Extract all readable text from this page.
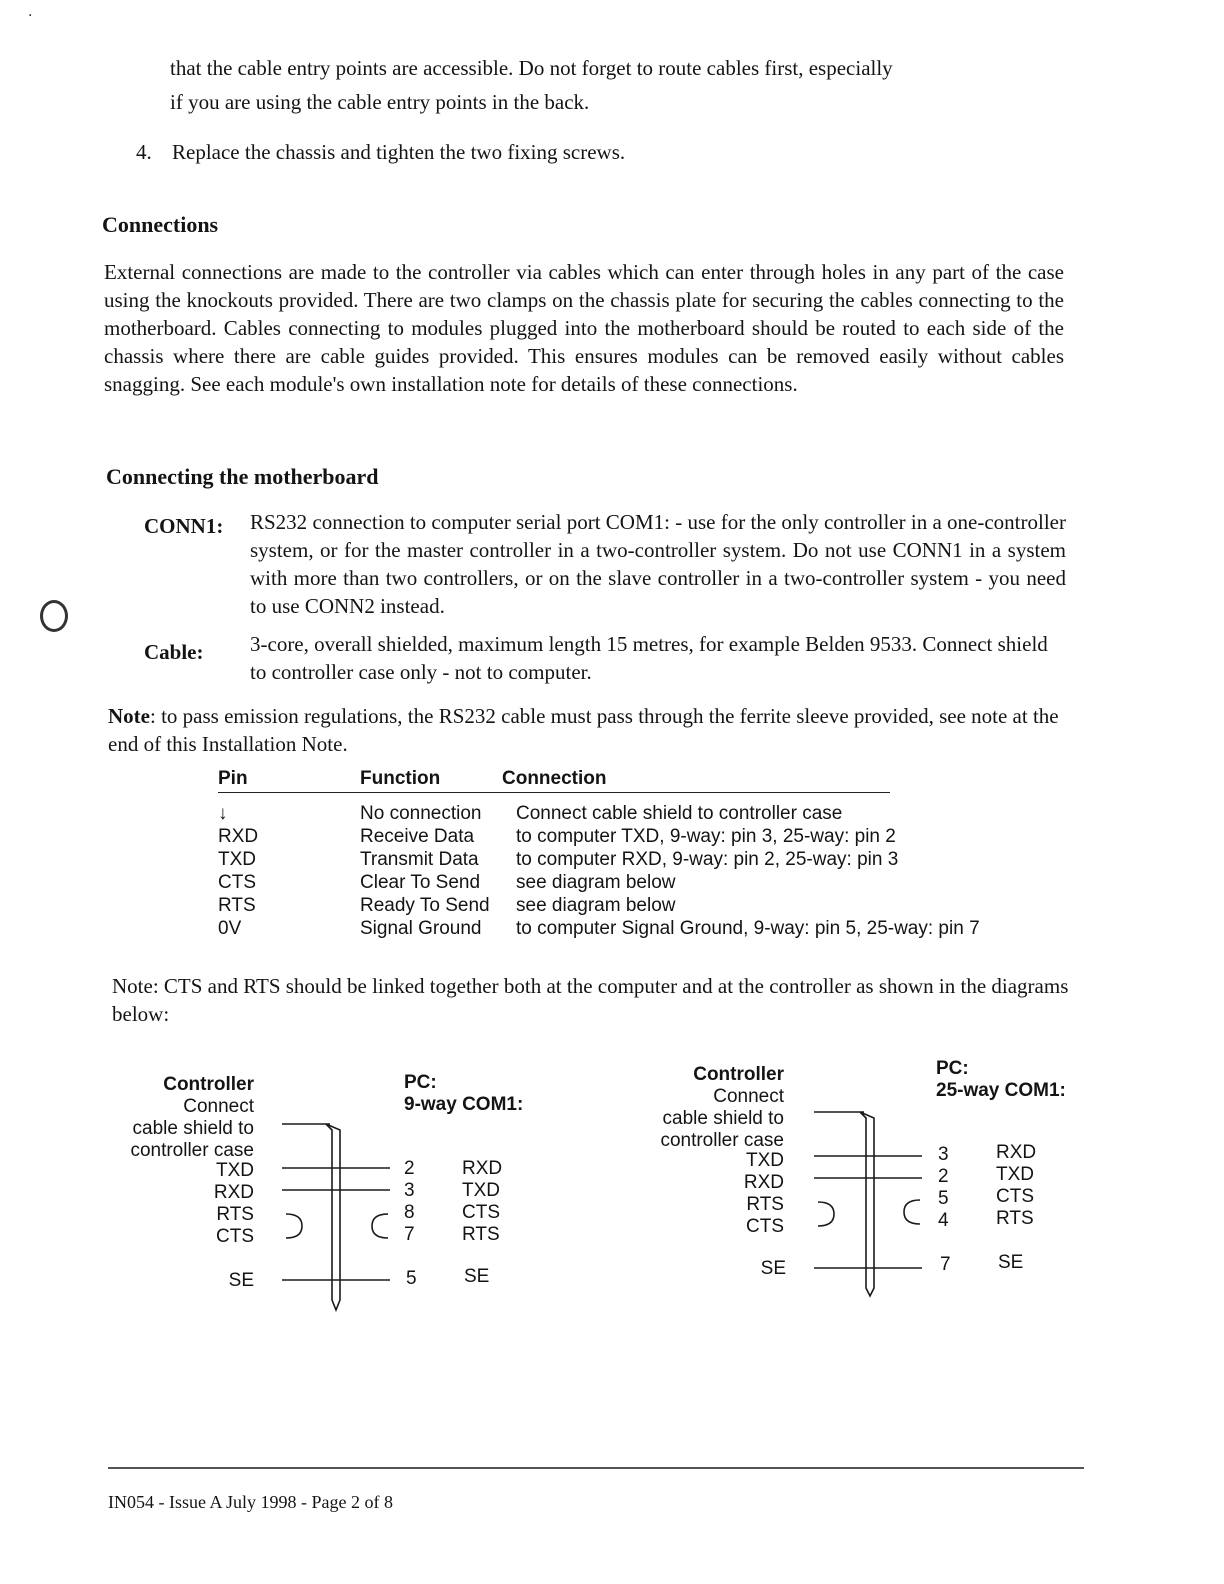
·

that the cable entry points are accessible. Do not forget to route cables first, especially

if you are using the cable entry points in the back.

4. Replace the chassis and tighten the two fixing screws.
Connections

External connections are made to the controller via cables which can enter through holes in any part of the case using the knockouts provided. There are two clamps on the chassis plate for securing the cables connecting to the motherboard. Cables connecting to modules plugged into the motherboard should be routed to each side of the chassis where there are cable guides provided. This ensures modules can be removed easily without cables snagging. See each module's own installation note for details of these connections.

Connecting the motherboard
CONN1: RS232 connection to computer serial port COM1: - use for the only controller in a one-controller system, or for the master controller in a two-controller system. Do not use CONN1 in a system with more than two controllers, or on the slave controller in a two-controller system - you need to use CONN2 instead.

Cable: 3-core, overall shielded, maximum length 15 metres, for example Belden 9533. Connect shield to controller case only - not to computer.

Note: to pass emission regulations, the RS232 cable must pass through the ferrite sleeve provided, see note at the end of this Installation Note.

Pin
↓
RXD
TXD
CTS
RTS
0V
Function
No connection
Receive Data
Transmit Data
Clear To Send
Ready To Send
Signal Ground
Connection
Connect cable shield to controller case
to computer TXD, 9-way: pin 3, 25-way: pin 2
to computer RXD, 9-way: pin 2, 25-way: pin 3
see diagram below
see diagram below
to computer Signal Ground, 9-way: pin 5, 25-way: pin 7

Note: CTS and RTS should be linked together both at the computer and at the controller as shown in the diagrams below:

Controller
Connect
cable shield to
controller case
TXD
RXD
RTS
CTS
SE
PC:
9-way COM1:
2
3
8
7
RXD
TXD
CTS
RTS
5 SE
Controller
Connect
cable shield to
controller case
TXD
RXD
RTS
CTS
SE
PC:
25-way COM1:
3
2
5
4
RXD
TXD
CTS
RTS
7 SE
IN054 - Issue A July 1998 - Page 2 of 8
